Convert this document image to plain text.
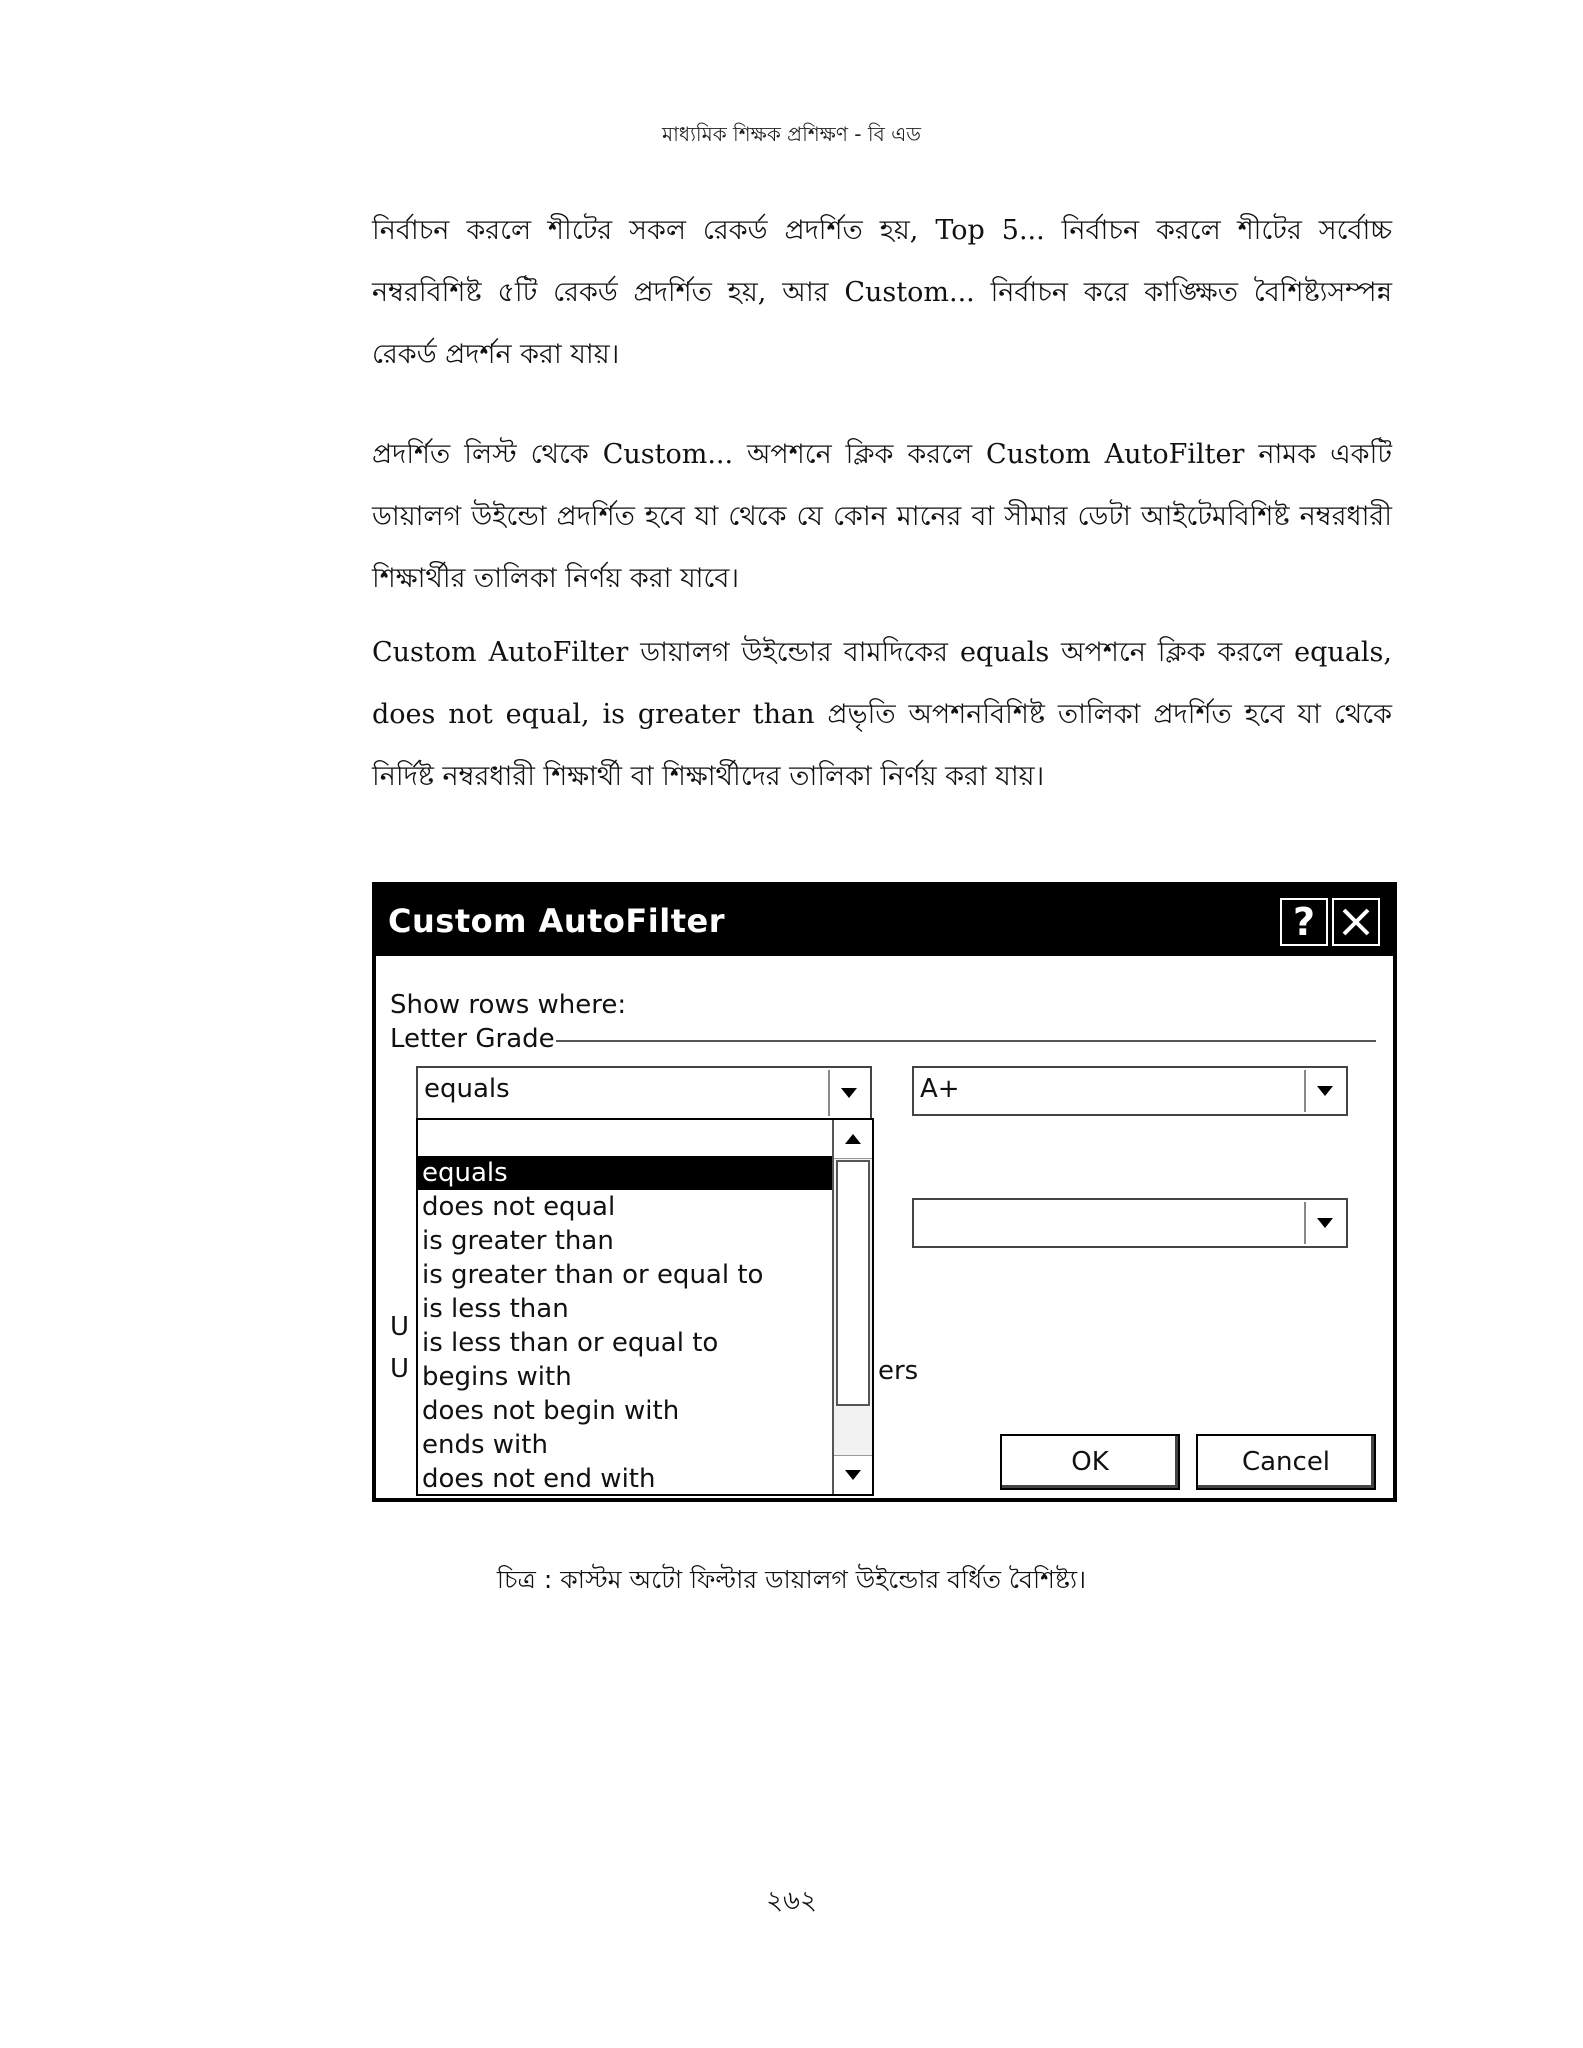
মাধ্যমিক শিক্ষক প্রশিক্ষণ - বি এড

নির্বাচন করলে শীটের সকল রেকর্ড প্রদর্শিত হয়, Top 5... নির্বাচন করলে শীটের সর্বোচ্চ নম্বরবিশিষ্ট ৫টি রেকর্ড প্রদর্শিত হয়, আর Custom... নির্বাচন করে কাঙ্ক্ষিত বৈশিষ্ট্যসম্পন্ন রেকর্ড প্রদর্শন করা যায়।

প্রদর্শিত লিস্ট থেকে Custom... অপশনে ক্লিক করলে Custom AutoFilter নামক একটি ডায়ালগ উইন্ডো প্রদর্শিত হবে যা থেকে যে কোন মানের বা সীমার ডেটা আইটেমবিশিষ্ট নম্বরধারী শিক্ষার্থীর তালিকা নির্ণয় করা যাবে।

Custom AutoFilter ডায়ালগ উইন্ডোর বামদিকের equals অপশনে ক্লিক করলে equals, does not equal, is greater than প্রভৃতি অপশনবিশিষ্ট তালিকা প্রদর্শিত হবে যা থেকে নির্দিষ্ট নম্বরধারী শিক্ষার্থী বা শিক্ষার্থীদের তালিকা নির্ণয় করা যায়।

Custom AutoFilter	?
Show rows where:
Letter Grade
equals	A+
U
U	ers
equals
does not equal
is greater than
is greater than or equal to
is less than
is less than or equal to
begins with
does not begin with
ends with
does not end with
OK	Cancel
চিত্র : কাস্টম অটো ফিল্টার ডায়ালগ উইন্ডোর বর্ধিত বৈশিষ্ট্য।
২৬২
